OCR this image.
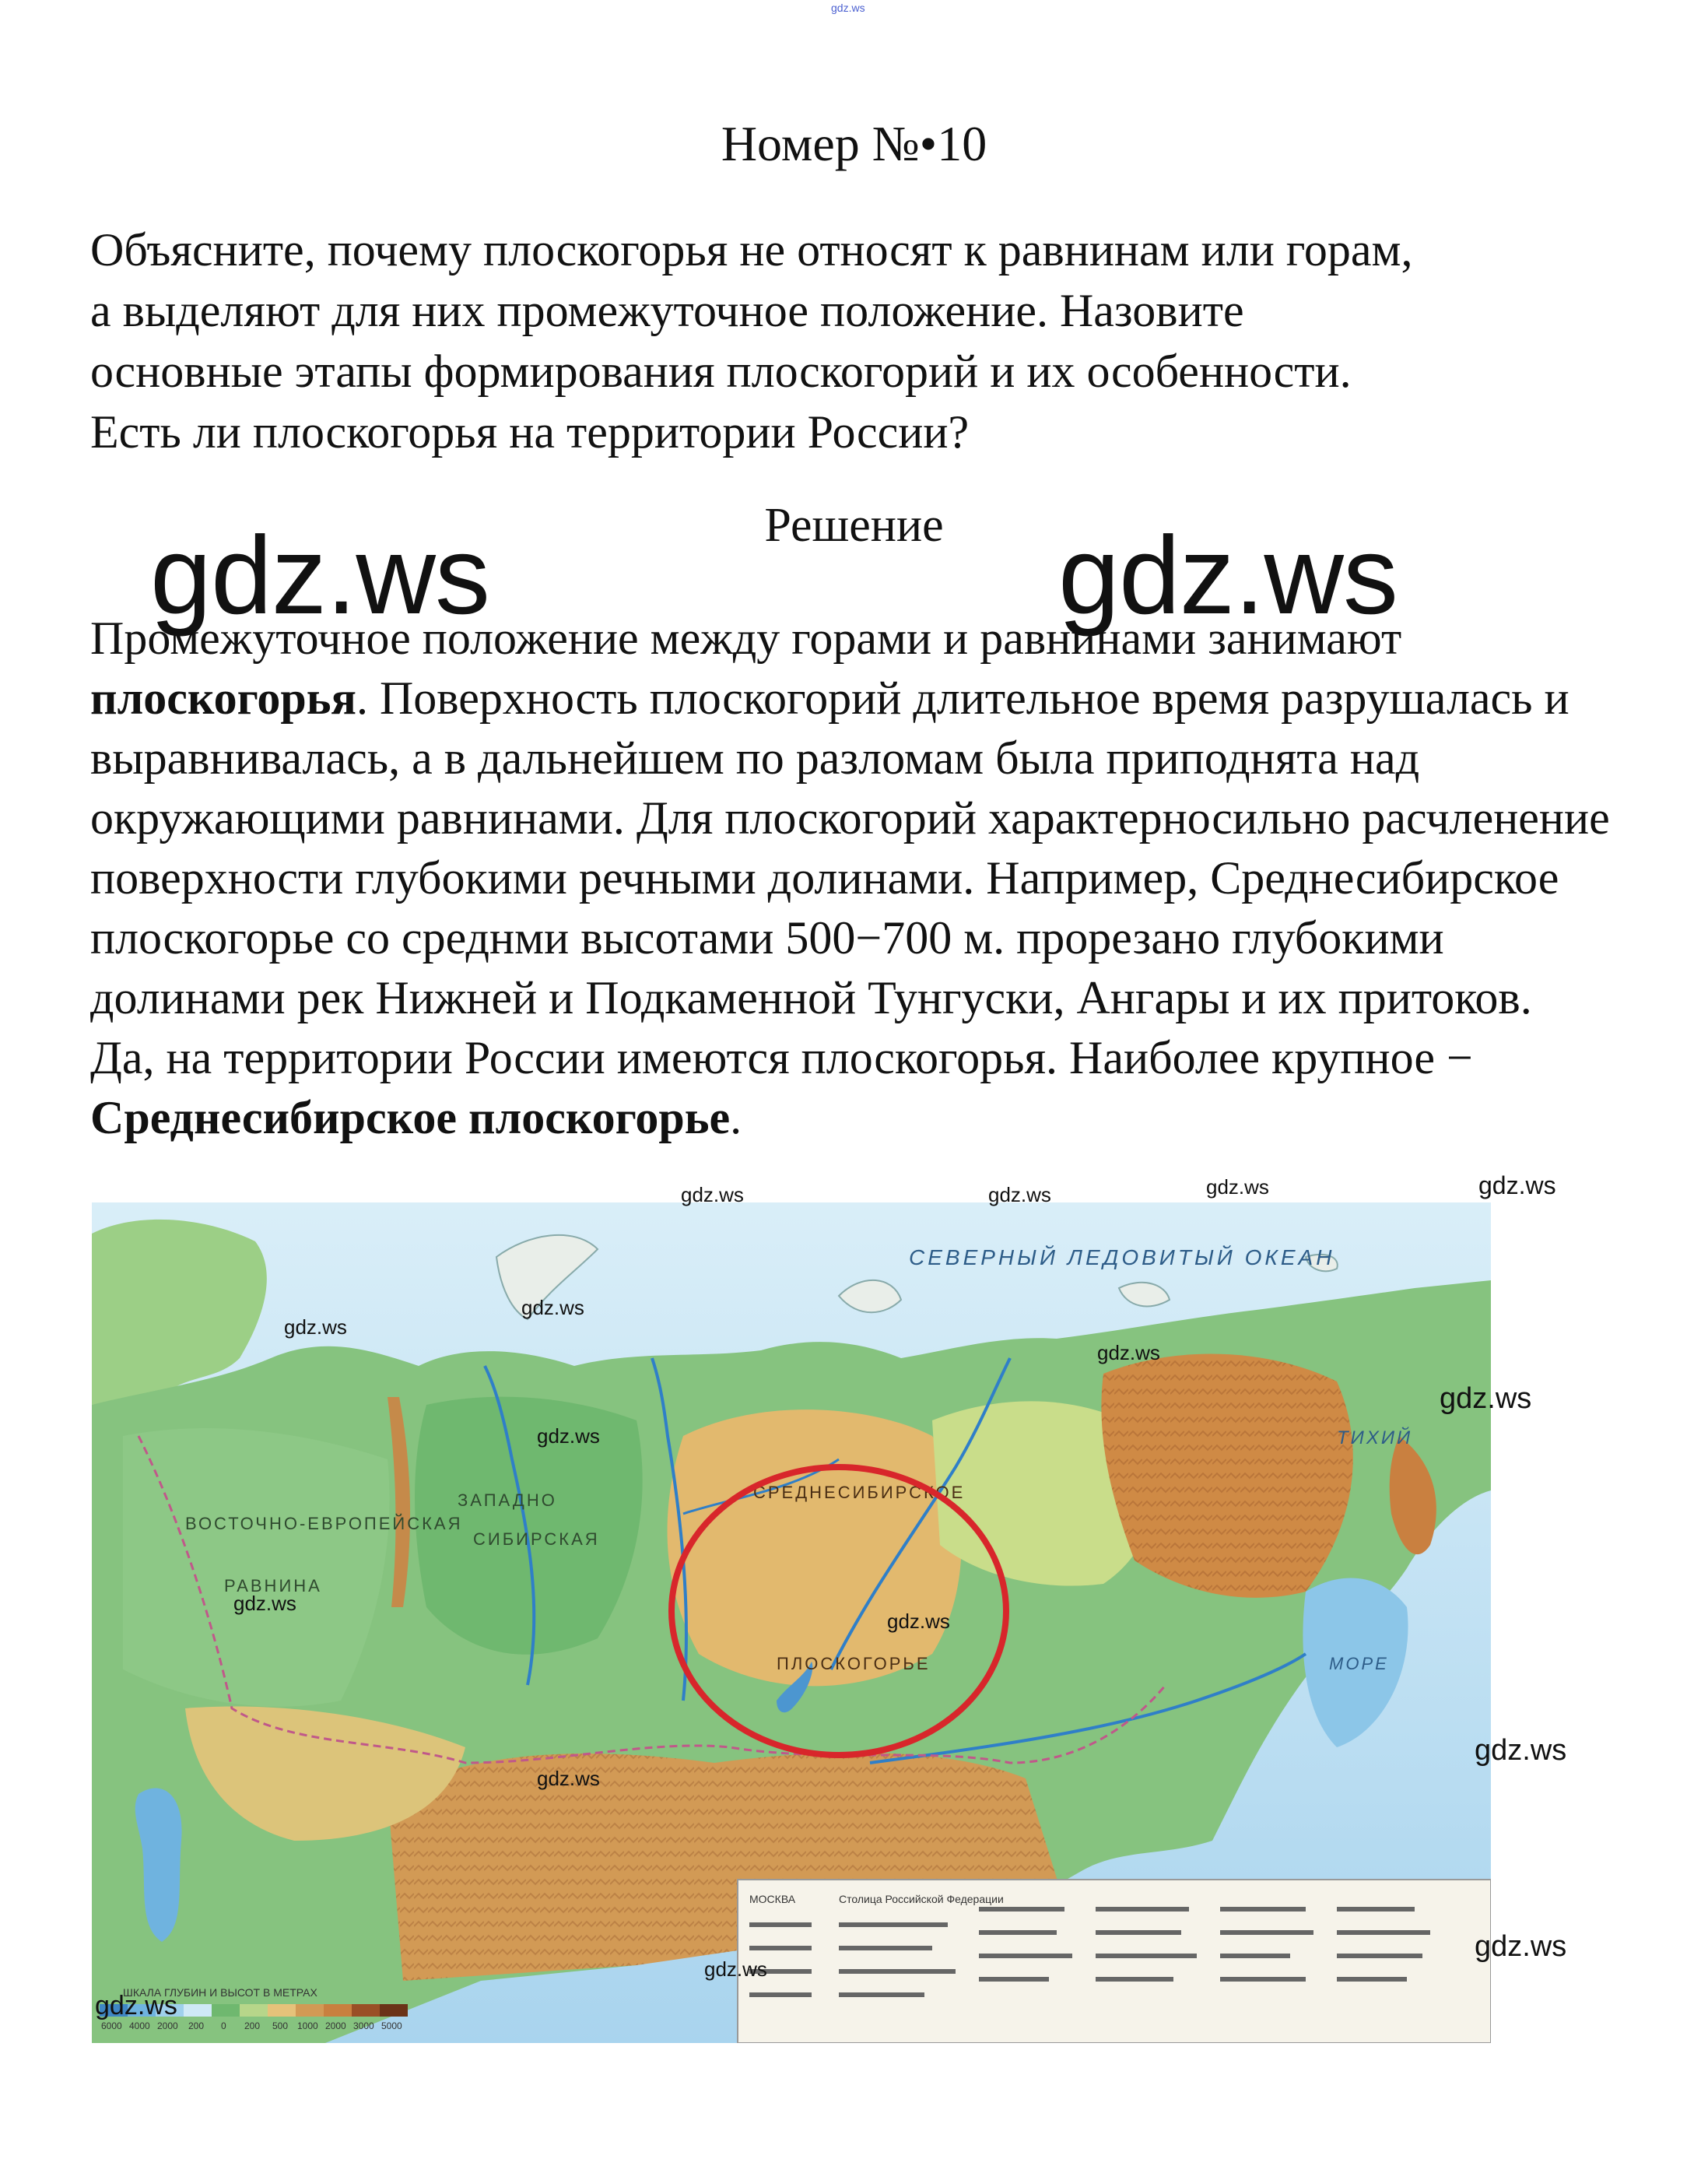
gdz.ws
Номер №•10

Объясните, почему плоскогорья не относят к равнинам или горам,

а выделяют для них промежуточное положение. Назовите

основные этапы формирования плоскогорий и их особенности.

Есть ли плоскогорья на территории России?

Решение
gdz.ws	gdz.ws

Промежуточное положение между горами и равнинами занимают плоскогорья. Поверхность плоскогорий длительное время разрушалась и выравнивалась, а в дальнейшем по разломам была приподнята над окружающими равнинами. Для плоскогорий характерносильно расчленение поверхности глубокими речными долинами. Например, Среднесибирское плоскогорье со среднми высотами 500−700 м. прорезано глубокими долинами рек Нижней и Подкаменной Тунгуски, Ангары и их притоков.

Да, на территории России имеются плоскогорья. Наиболее крупное − Среднесибирское плоскогорье.

СЕВЕРНЫЙ ЛЕДОВИТЫЙ ОКЕАН
ВОСТОЧНО-ЕВРОПЕЙСКАЯ
РАВНИНА
ЗАПАДНО
СИБИРСКАЯ
СРЕДНЕСИБИРСКОЕ
ПЛОСКОГОРЬЕ
ТИХИЙ
МОРЕ
МОСКВА	Столица Российской Федерации
ШКАЛА ГЛУБИН И ВЫСОТ В МЕТРАХ
6000 4000 2000 200 0 200 500 1000 2000 3000 5000
gdz.ws	gdz.ws	gdz.ws	gdz.ws
gdz.ws
gdz.ws
gdz.ws
gdz.ws
gdz.ws
gdz.ws
gdz.ws
gdz.ws
gdz.ws
gdz.ws
gdz.ws
gdz.ws
